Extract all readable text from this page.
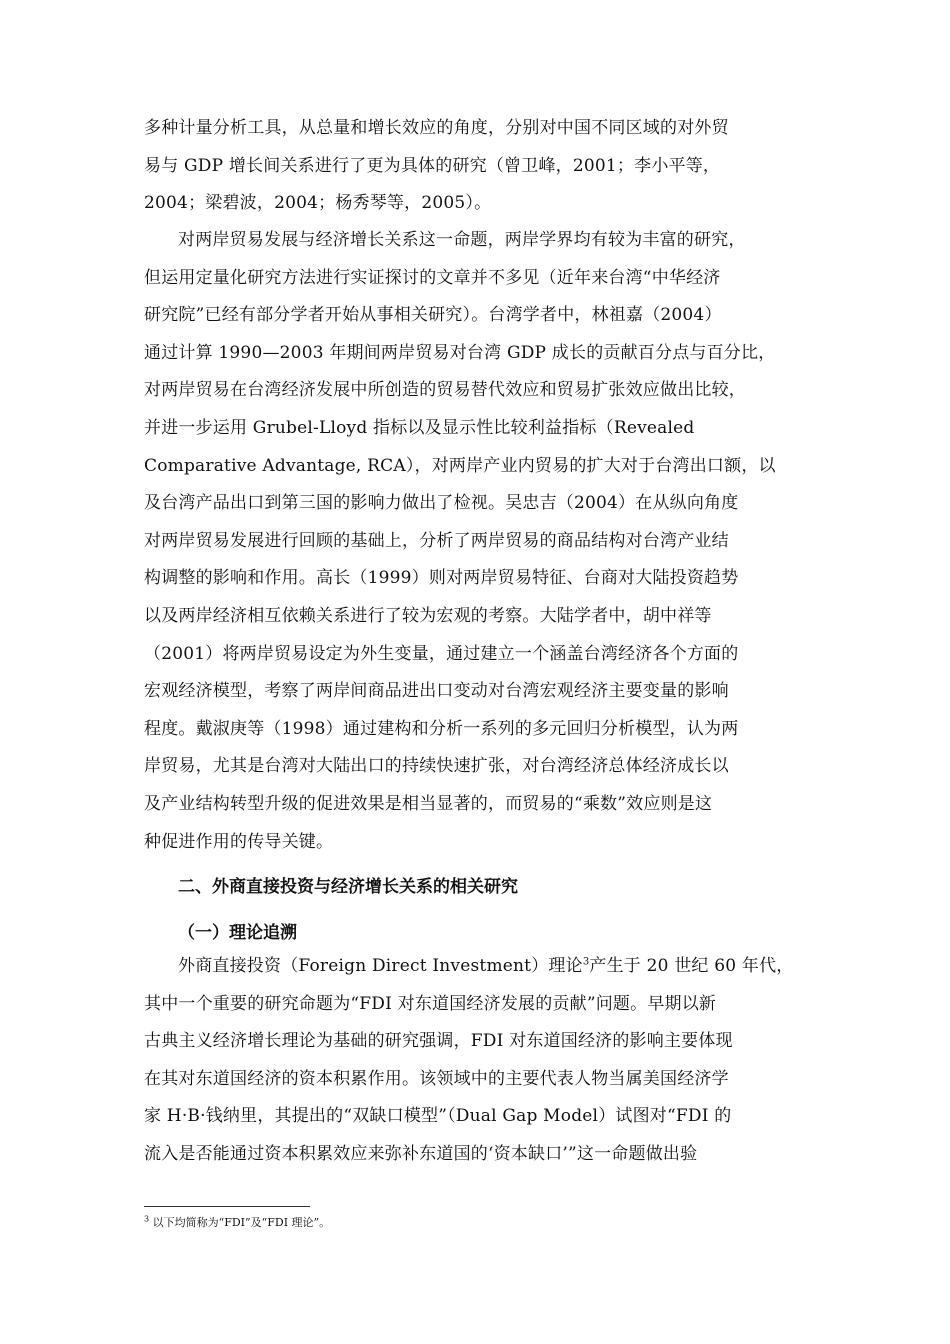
多种计量分析工具，从总量和增长效应的角度，分别对中国不同区域的对外贸
易与 GDP 增长间关系进行了更为具体的研究（曾卫峰，2001；李小平等，
2004；梁碧波，2004；杨秀琴等，2005）。
对两岸贸易发展与经济增长关系这一命题，两岸学界均有较为丰富的研究，
但运用定量化研究方法进行实证探讨的文章并不多见（近年来台湾“中华经济
研究院”已经有部分学者开始从事相关研究）。台湾学者中，林祖嘉（2004）
通过计算 1990—2003 年期间两岸贸易对台湾 GDP 成长的贡献百分点与百分比，
对两岸贸易在台湾经济发展中所创造的贸易替代效应和贸易扩张效应做出比较，
并进一步运用 Grubel-Lloyd 指标以及显示性比较利益指标（Revealed
Comparative Advantage, RCA），对两岸产业内贸易的扩大对于台湾出口额，以
及台湾产品出口到第三国的影响力做出了检视。吴忠吉（2004）在从纵向角度
对两岸贸易发展进行回顾的基础上，分析了两岸贸易的商品结构对台湾产业结
构调整的影响和作用。高长（1999）则对两岸贸易特征、台商对大陆投资趋势
以及两岸经济相互依赖关系进行了较为宏观的考察。大陆学者中，胡中祥等
（2001）将两岸贸易设定为外生变量，通过建立一个涵盖台湾经济各个方面的
宏观经济模型，考察了两岸间商品进出口变动对台湾宏观经济主要变量的影响
程度。戴淑庚等（1998）通过建构和分析一系列的多元回归分析模型，认为两
岸贸易，尤其是台湾对大陆出口的持续快速扩张，对台湾经济总体经济成长以
及产业结构转型升级的促进效果是相当显著的，而贸易的“乘数”效应则是这
种促进作用的传导关键。
二、外商直接投资与经济增长关系的相关研究
（一）理论追溯
外商直接投资（Foreign Direct Investment）理论$^3$产生于 20 世纪 60 年代，
其中一个重要的研究命题为“FDI 对东道国经济发展的贡献”问题。早期以新
古典主义经济增长理论为基础的研究强调，FDI 对东道国经济的影响主要体现
在其对东道国经济的资本积累作用。该领域中的主要代表人物当属美国经济学
家 H·B·钱纳里，其提出的“双缺口模型”（Dual Gap Model）试图对“FDI 的
流入是否能通过资本积累效应来弥补东道国的‘资本缺口’”这一命题做出验
$^3$ 以下均简称为“FDI”及“FDI 理论”。
